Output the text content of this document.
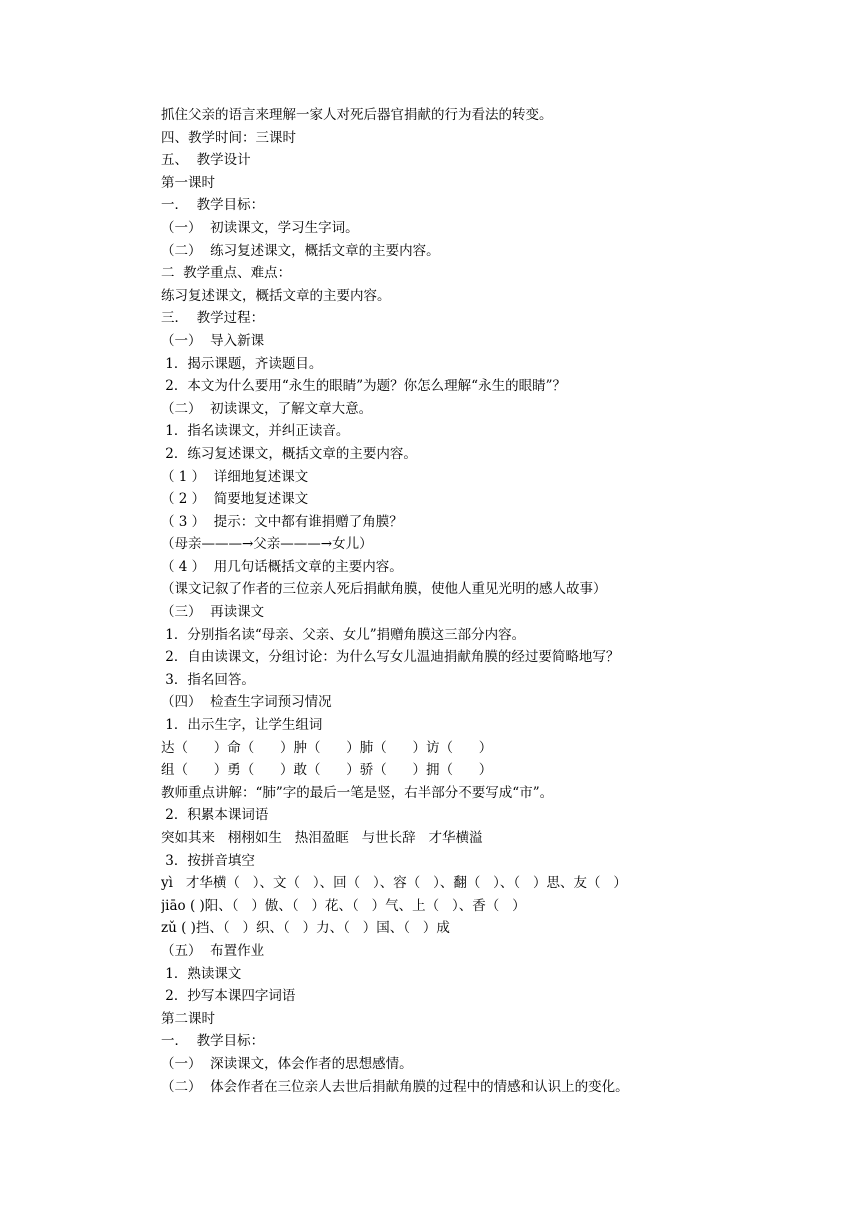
抓住父亲的语言来理解一家人对死后器官捐献的行为看法的转变。
四、教学时间：三课时
五、  教学设计
第一课时
一．  教学目标：
（一）  初读课文，学习生字词。
（二）  练习复述课文，概括文章的主要内容。
二  教学重点、难点：
练习复述课文，概括文章的主要内容。
三．  教学过程：
（一）  导入新课
1．揭示课题，齐读题目。
2．本文为什么要用“永生的眼睛”为题？你怎么理解“永生的眼睛”？
（二）  初读课文，了解文章大意。
1．指名读课文，并纠正读音。
2．练习复述课文，概括文章的主要内容。
（ 1 ）  详细地复述课文
（ 2 ）  简要地复述课文
（ 3 ）  提示：文中都有谁捐赠了角膜？
（母亲———→父亲———→女儿）
（ 4 ）  用几句话概括文章的主要内容。
（课文记叙了作者的三位亲人死后捐献角膜，使他人重见光明的感人故事）
（三）  再读课文
1．分别指名读“母亲、父亲、女儿”捐赠角膜这三部分内容。
2．自由读课文，分组讨论：为什么写女儿温迪捐献角膜的经过要简略地写？
3．指名回答。
（四）  检查生字词预习情况
1．出示生字，让学生组词
达（      ）命（      ）肿（      ）肺（      ）访（      ）
组（      ）勇（      ）敢（      ）骄（      ）拥（      ）
教师重点讲解：“肺”字的最后一笔是竖，右半部分不要写成“市”。
2．积累本课词语
突如其来   栩栩如生   热泪盈眶   与世长辞   才华横溢
3．按拼音填空
yì   才华横（   ）、文（   ）、回（   ）、容（   ）、翻（   ）、（   ）思、友（   ）
jiāo ( )阳、（   ）傲、（   ）花、（   ）气、上（   ）、香（   ）
zǔ ( )挡、（   ）织、（   ）力、（   ）国、（   ）成
（五）  布置作业
1．熟读课文
2．抄写本课四字词语
第二课时
一．  教学目标：
（一）  深读课文，体会作者的思想感情。
（二）  体会作者在三位亲人去世后捐献角膜的过程中的情感和认识上的变化。
